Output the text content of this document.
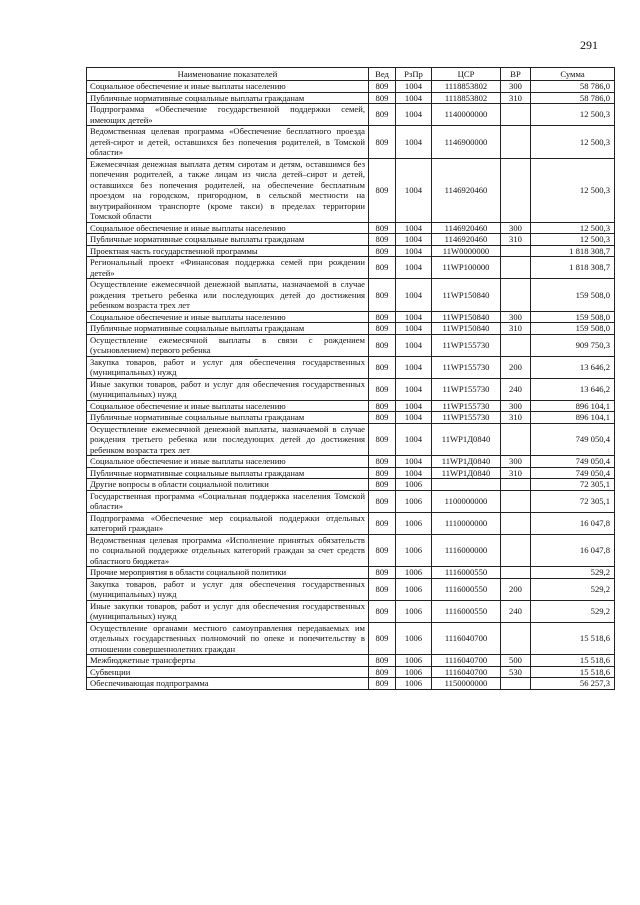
291
Наименование показателей	Вед	РзПр	ЦСР	ВР	Сумма
Социальное обеспечение и иные выплаты населению	809	1004	1118853802	300	58 786,0
Публичные нормативные социальные выплаты гражданам	809	1004	1118853802	310	58 786,0
Подпрограмма «Обеспечение государственной поддержки семей, имеющих детей»	809	1004	1140000000		12 500,3
Ведомственная целевая программа «Обеспечение бесплатного проезда детей-сирот и детей, оставшихся без попечения родителей, в Томской области»	809	1004	1146900000		12 500,3
Ежемесячная денежная выплата детям сиротам и детям, оставшимся без попечения родителей, а также лицам из числа детей–сирот и детей, оставшихся без попечения родителей, на обеспечение бесплатным проездом на городском, пригородном, в сельской местности на внутрирайонном транспорте (кроме такси) в пределах территории Томской области	809	1004	1146920460		12 500,3
Социальное обеспечение и иные выплаты населению	809	1004	1146920460	300	12 500,3
Публичные нормативные социальные выплаты гражданам	809	1004	1146920460	310	12 500,3
Проектная часть государственной программы	809	1004	11W0000000		1 818 308,7
Региональный проект «Финансовая поддержка семей при рождении детей»	809	1004	11WP100000		1 818 308,7
Осуществление ежемесячной денежной выплаты, назначаемой в случае рождения третьего ребенка или последующих детей до достижения ребенком возраста трех лет	809	1004	11WP150840		159 508,0
Социальное обеспечение и иные выплаты населению	809	1004	11WP150840	300	159 508,0
Публичные нормативные социальные выплаты гражданам	809	1004	11WP150840	310	159 508,0
Осуществление ежемесячной выплаты в связи с рождением (усыновлением) первого ребенка	809	1004	11WP155730		909 750,3
Закупка товаров, работ и услуг для обеспечения государственных (муниципальных) нужд	809	1004	11WP155730	200	13 646,2
Иные закупки товаров, работ и услуг для обеспечения государственных (муниципальных) нужд	809	1004	11WP155730	240	13 646,2
Социальное обеспечение и иные выплаты населению	809	1004	11WP155730	300	896 104,1
Публичные нормативные социальные выплаты гражданам	809	1004	11WP155730	310	896 104,1
Осуществление ежемесячной денежной выплаты, назначаемой в случае рождения третьего ребенка или последующих детей до достижения ребенком возраста трех лет	809	1004	11WP1Д0840		749 050,4
Социальное обеспечение и иные выплаты населению	809	1004	11WP1Д0840	300	749 050,4
Публичные нормативные социальные выплаты гражданам	809	1004	11WP1Д0840	310	749 050,4
Другие вопросы в области социальной политики	809	1006			72 305,1
Государственная программа «Социальная поддержка населения Томской области»	809	1006	1100000000		72 305,1
Подпрограмма «Обеспечение мер социальной поддержки отдельных категорий граждан»	809	1006	1110000000		16 047,8
Ведомственная целевая программа «Исполнение принятых обязательств по социальной поддержке отдельных категорий граждан за счет средств областного бюджета»	809	1006	1116000000		16 047,8
Прочие мероприятия в области социальной политики	809	1006	1116000550		529,2
Закупка товаров, работ и услуг для обеспечения государственных (муниципальных) нужд	809	1006	1116000550	200	529,2
Иные закупки товаров, работ и услуг для обеспечения государственных (муниципальных) нужд	809	1006	1116000550	240	529,2
Осуществление органами местного самоуправления передаваемых им отдельных государственных полномочий по опеке и попечительству в отношении совершеннолетних граждан	809	1006	1116040700		15 518,6
Межбюджетные трансферты	809	1006	1116040700	500	15 518,6
Субвенции	809	1006	1116040700	530	15 518,6
Обеспечивающая подпрограмма	809	1006	1150000000		56 257,3
